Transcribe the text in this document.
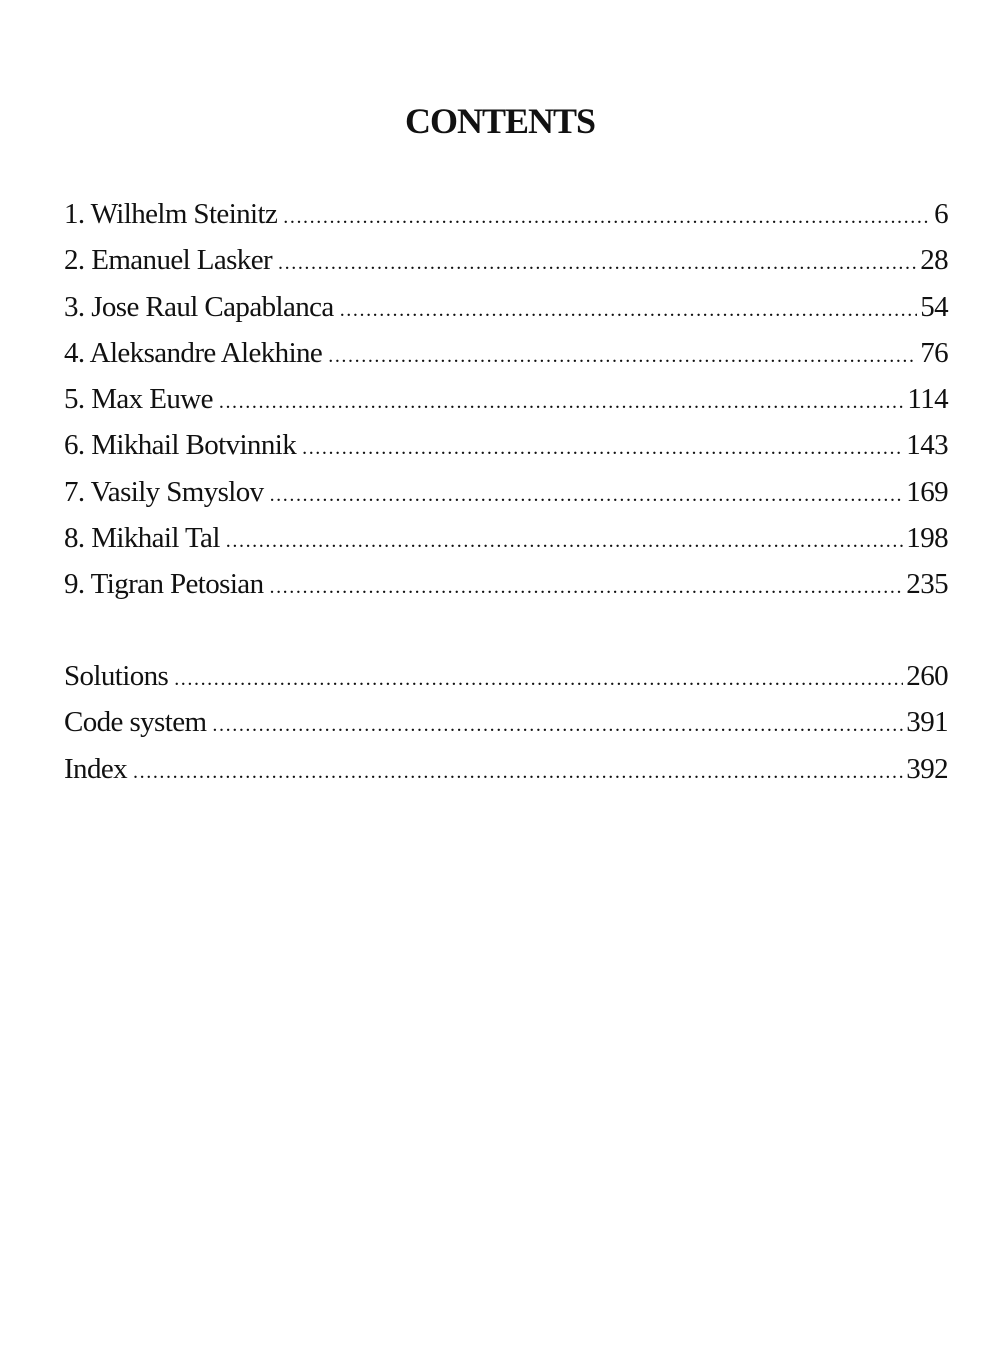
CONTENTS
1. Wilhelm Steinitz .....	6
2. Emanuel Lasker .....	28
3. Jose Raul Capablanca .....	54
4. Aleksandre Alekhine .....	76
5. Max Euwe .....	114
6. Mikhail Botvinnik .....	143
7. Vasily Smyslov .....	169
8. Mikhail Tal .....	198
9. Tigran Petosian .....	235
Solutions .....	260
Code system .....	391
Index .....	392
